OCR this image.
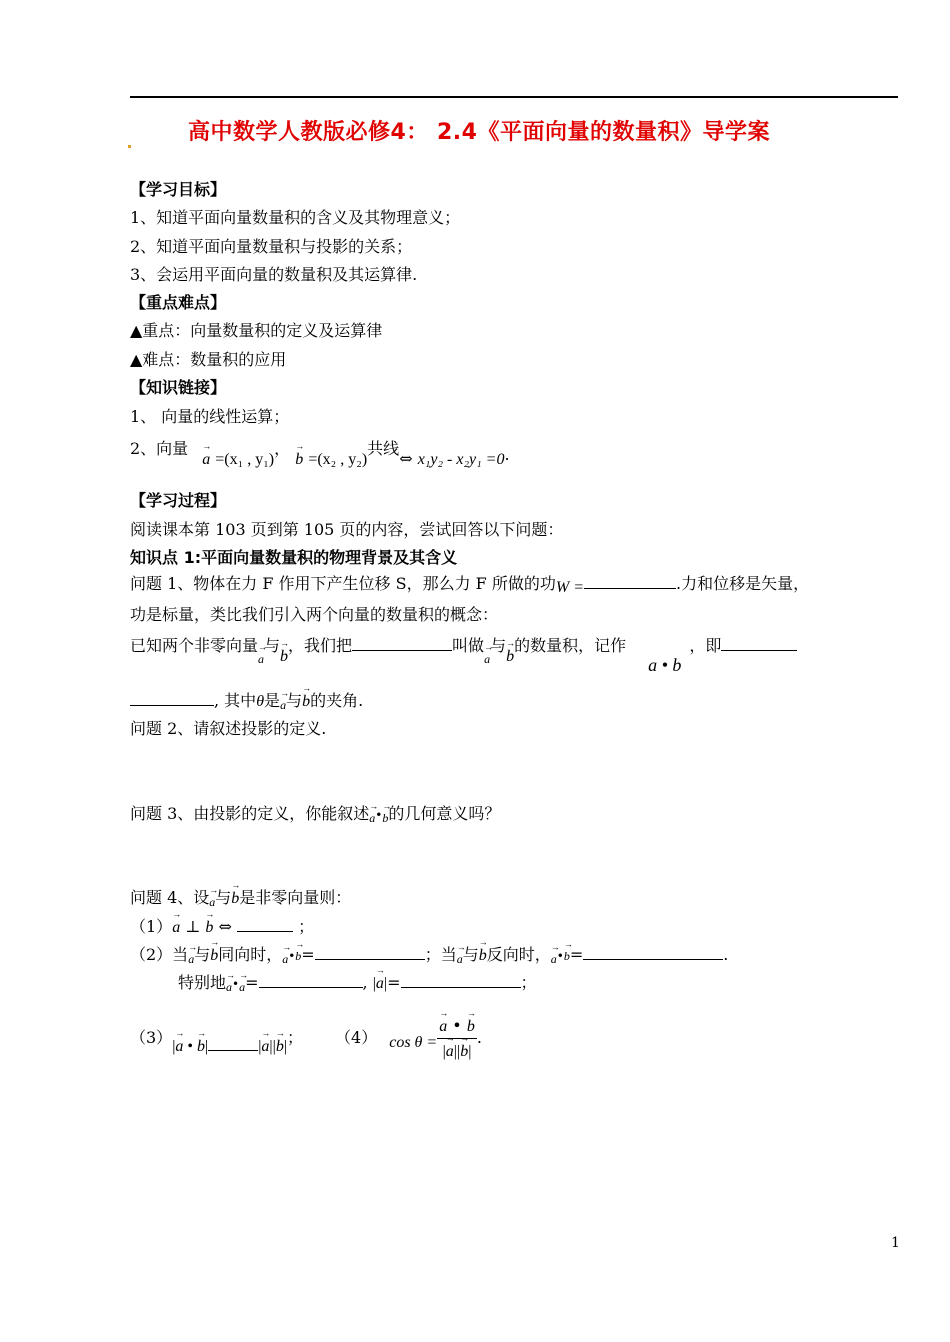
高中数学人教版必修4： 2.4《平面向量的数量积》导学案
【学习目标】
1、知道平面向量数量积的含义及其物理意义；
2、知道平面向量数量积与投影的关系；
3、会运用平面向量的数量积及其运算律.
【重点难点】
▲重点：向量数量积的定义及运算律
▲难点：数量积的应用
【知识链接】
1、 向量的线性运算；
2、向量→ a =(x₁ , y₁)， → b =(x₂ , y₂)共线⇔ x₁y₂ - x₂y₁ =0.
【学习过程】
阅读课本第 103 页到第 105 页的内容，尝试回答以下问题：
知识点 1:平面向量数量积的物理背景及其含义
问题 1、物体在力 F 作用下产生位移 S，那么力 F 所做的功W =	.力和位移是矢量，
功是标量，类比我们引入两个向量的数量积的概念：
已知两个非零向量→ a与→ b，我们把	叫做→ a与→ b的数量积，记作a • b，即
, 其中θ是→ a与→ b的夹角.
问题 2、请叙述投影的定义.
问题 3、由投影的定义，你能叙述→ a•→ b的几何意义吗？
问题 4、设→ a与→ b是非零向量则：
（1）→ a ⊥ → b ⇔	；
（2）当→ a与→ b同向时，→ a•→ b=	；当→ a与→ b反向时，→ a•→ b=	.
特别地→ a•→ a=	, |→ a|=	；
（3）|→ a • → b|	|→ a||→ b|； （4） cos θ = → $\frac{a • \to b}{|\to a||\to b|}$ .
1
